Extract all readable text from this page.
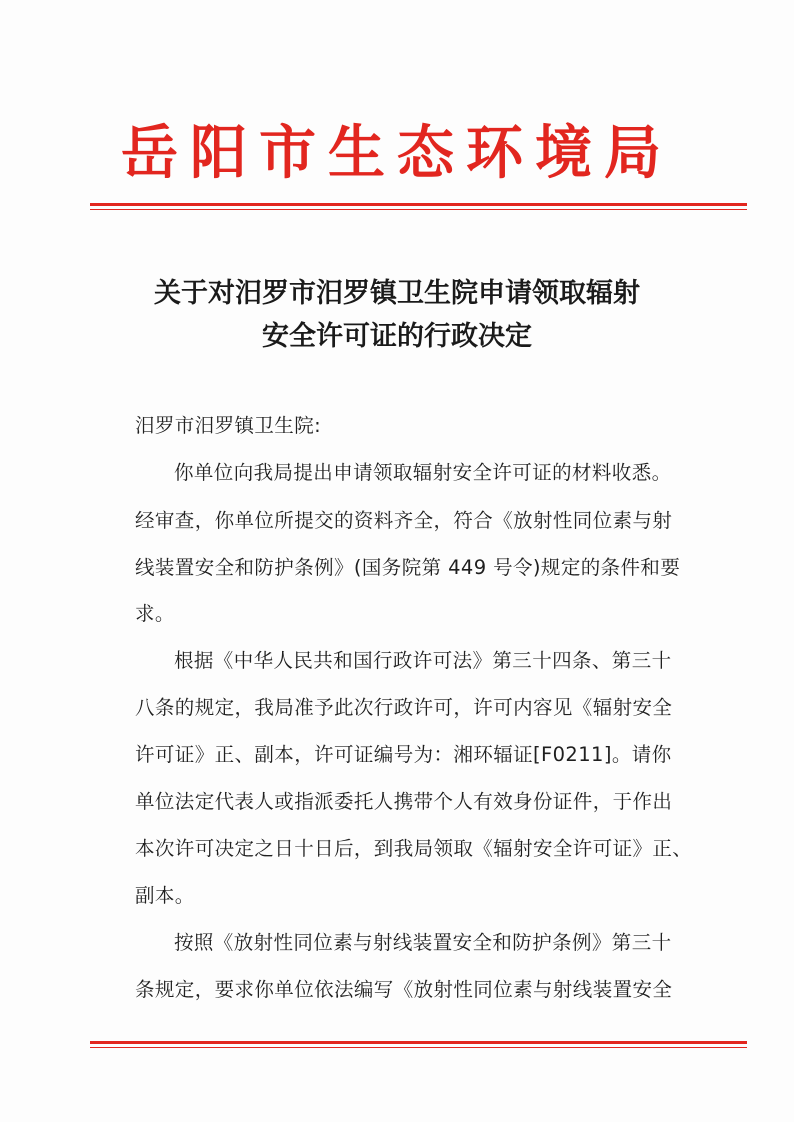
岳阳市生态环境局
关于对汨罗市汨罗镇卫生院申请领取辐射
安全许可证的行政决定
汨罗市汨罗镇卫生院:
你单位向我局提出申请领取辐射安全许可证的材料收悉。
经审查，你单位所提交的资料齐全，符合《放射性同位素与射
线装置安全和防护条例》(国务院第 449 号令)规定的条件和要
求。
根据《中华人民共和国行政许可法》第三十四条、第三十
八条的规定，我局准予此次行政许可，许可内容见《辐射安全
许可证》正、副本，许可证编号为：湘环辐证[F0211]。请你
单位法定代表人或指派委托人携带个人有效身份证件，于作出
本次许可决定之日十日后，到我局领取《辐射安全许可证》正、
副本。
按照《放射性同位素与射线装置安全和防护条例》第三十
条规定，要求你单位依法编写《放射性同位素与射线装置安全
